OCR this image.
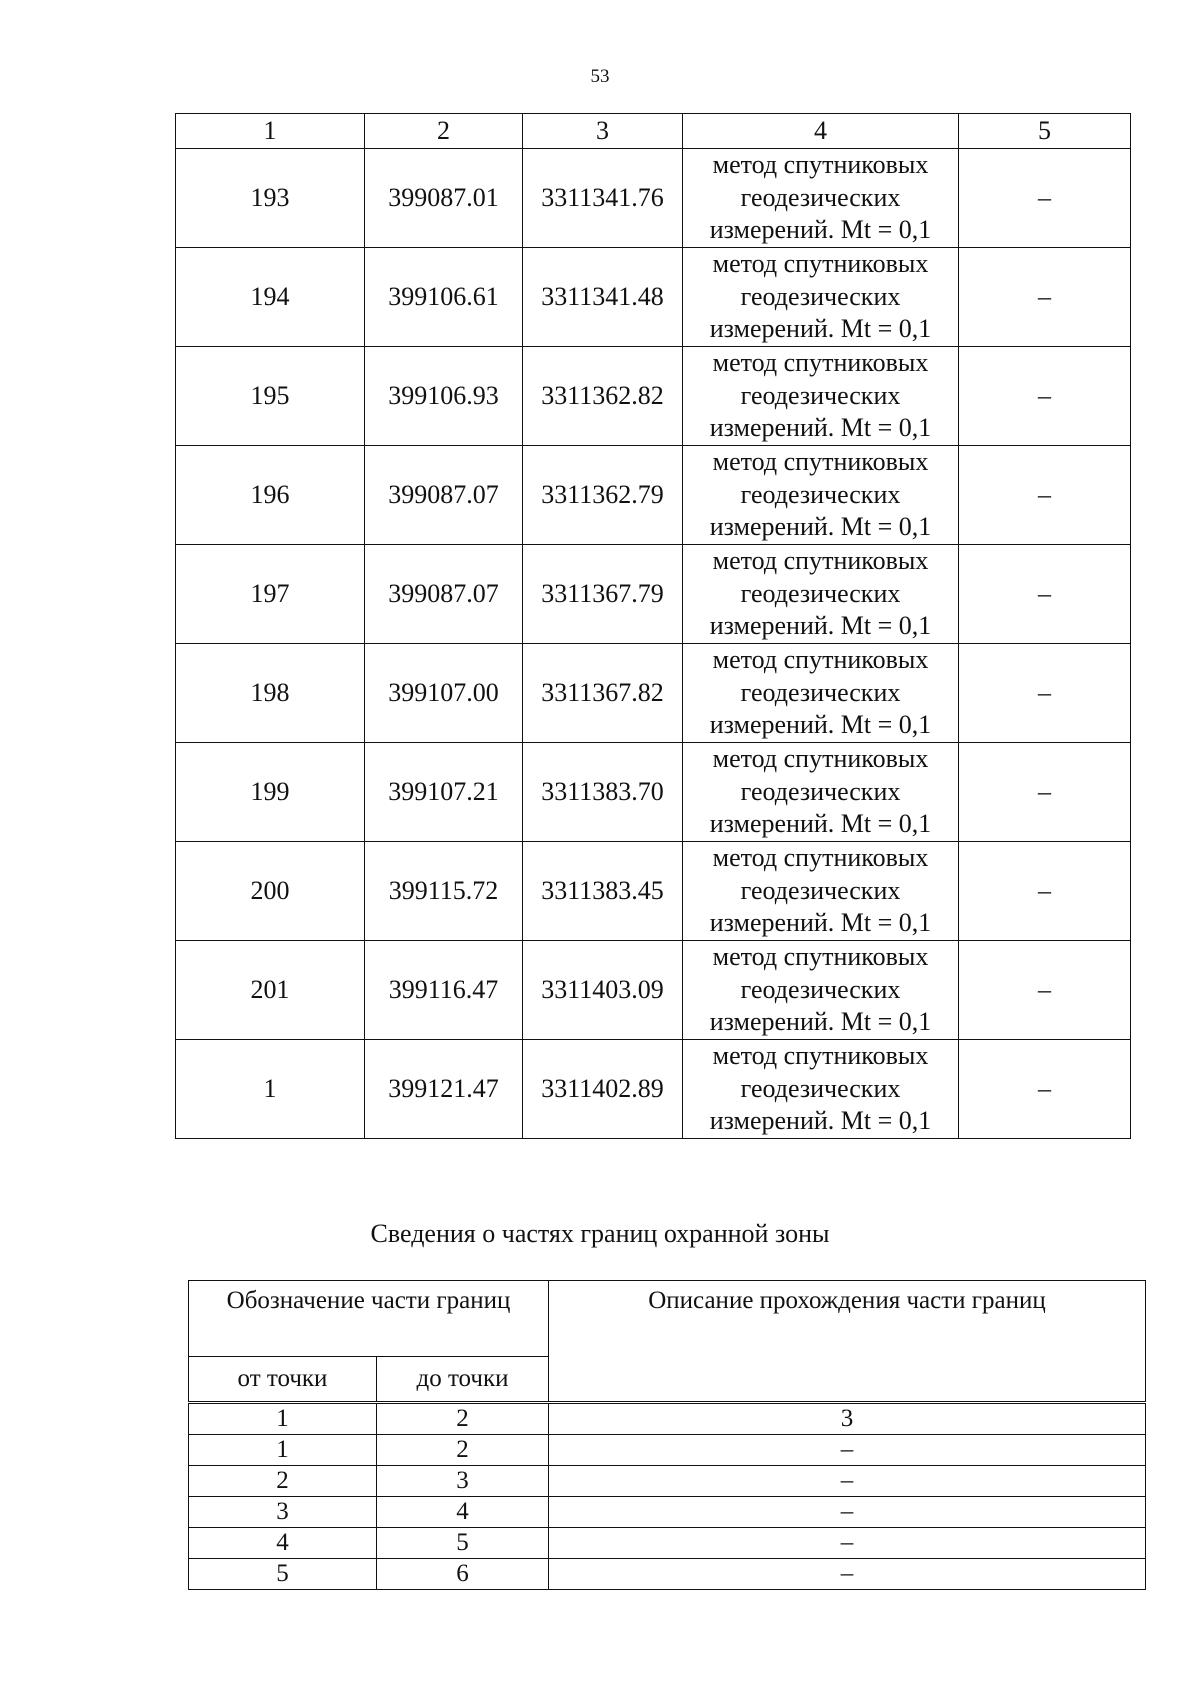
53
1	2	3	4	5
193	399087.01	3311341.76	метод спутниковых
геодезических
измерений. Mt = 0,1	–
194	399106.61	3311341.48	метод спутниковых
геодезических
измерений. Mt = 0,1	–
195	399106.93	3311362.82	метод спутниковых
геодезических
измерений. Mt = 0,1	–
196	399087.07	3311362.79	метод спутниковых
геодезических
измерений. Mt = 0,1	–
197	399087.07	3311367.79	метод спутниковых
геодезических
измерений. Mt = 0,1	–
198	399107.00	3311367.82	метод спутниковых
геодезических
измерений. Mt = 0,1	–
199	399107.21	3311383.70	метод спутниковых
геодезических
измерений. Mt = 0,1	–
200	399115.72	3311383.45	метод спутниковых
геодезических
измерений. Mt = 0,1	–
201	399116.47	3311403.09	метод спутниковых
геодезических
измерений. Mt = 0,1	–
1	399121.47	3311402.89	метод спутниковых
геодезических
измерений. Mt = 0,1	–
Сведения о частях границ охранной зоны
Обозначение части границ		Описание прохождения части границ
от точки	до точки	
1	2	3
1	2	–
2	3	–
3	4	–
4	5	–
5	6	–
